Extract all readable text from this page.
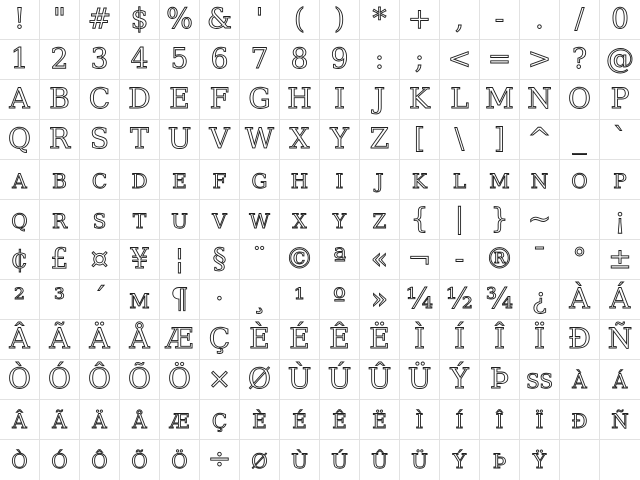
! " # $ % & '	(	) * + ,	-	.	/ 0
1 2 3 4 5 6 7 8 9 :	; < = > ? @
A B C D E F G H I	J K L M N O P
Q R S T U V W X Y Z [	\	] ^ _ `
a b c d e f g h i	j	k l m n o p
q r s t u v w x y z { | } ~	¡
¢ £ ¤ ¥ ¦	§ ¨ © ª « ¬ - ® ¯ ° ±
²	³ ´ µ ¶ ·	¸ ¹ º » ¼ ½ ¾ ¿ À Á
Â Ã Ä Å Æ Ç È É Ê Ë Ì	Í	Î	Ï Ð Ñ
Ò Ó Ô Õ Ö × Ø Ù Ú Û Ü Ý Þ ß à á
â ã ä å æ ç è é ê ë	ì	í	î	ï ð ñ
ò ó ô õ ö ÷ ø ù ú û ü ý þ ÿ
